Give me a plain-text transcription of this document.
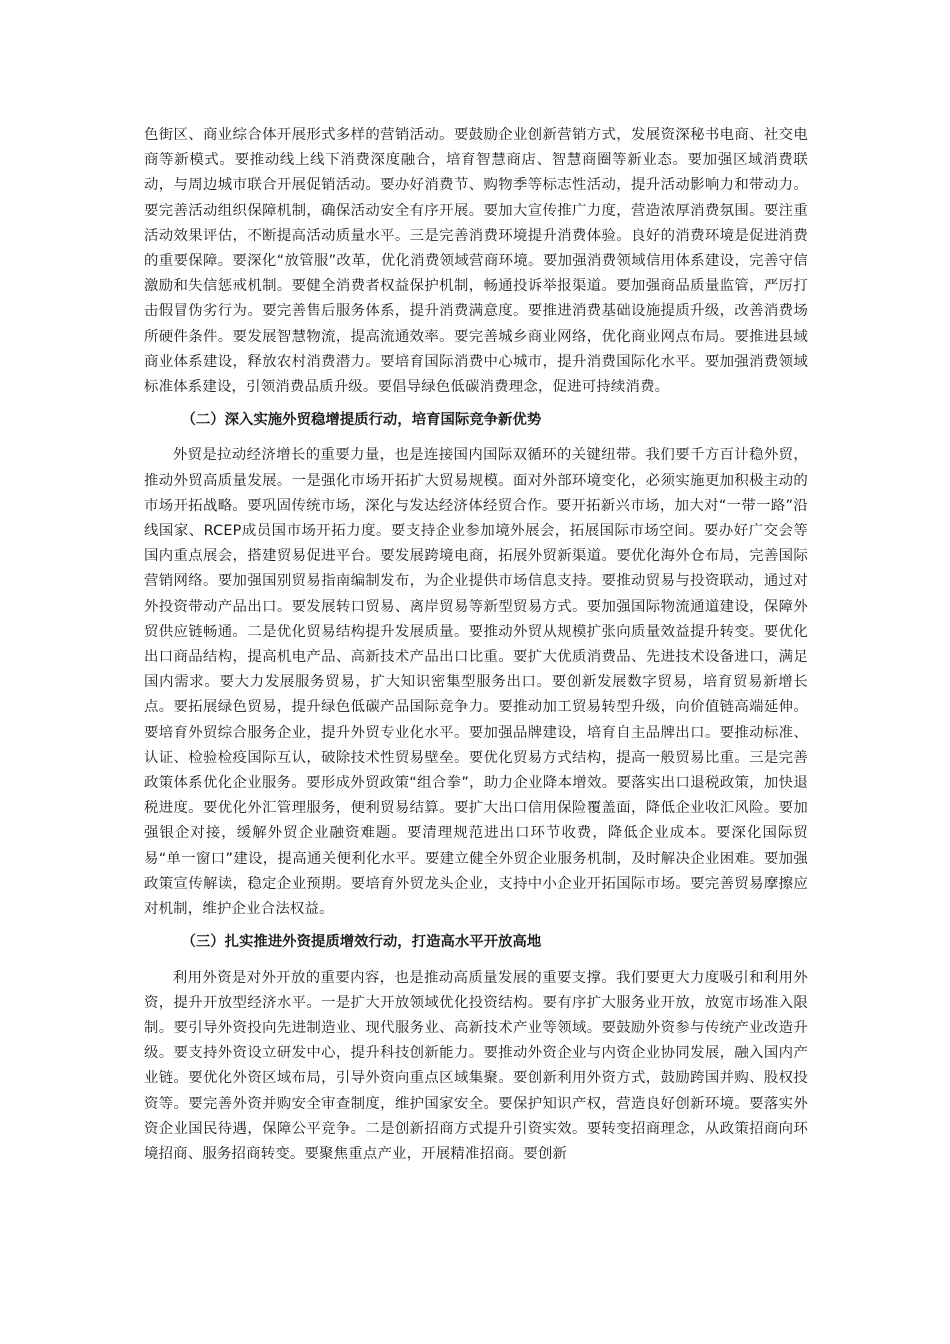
色街区、商业综合体开展形式多样的营销活动。要鼓励企业创新营销方式，发展资深秘书电商、社交电商等新模式。要推动线上线下消费深度融合，培育智慧商店、智慧商圈等新业态。要加强区域消费联动，与周边城市联合开展促销活动。要办好消费节、购物季等标志性活动，提升活动影响力和带动力。要完善活动组织保障机制，确保活动安全有序开展。要加大宣传推广力度，营造浓厚消费氛围。要注重活动效果评估，不断提高活动质量水平。三是完善消费环境提升消费体验。良好的消费环境是促进消费的重要保障。要深化“放管服”改革，优化消费领域营商环境。要加强消费领域信用体系建设，完善守信激励和失信惩戒机制。要健全消费者权益保护机制，畅通投诉举报渠道。要加强商品质量监管，严厉打击假冒伪劣行为。要完善售后服务体系，提升消费满意度。要推进消费基础设施提质升级，改善消费场所硬件条件。要发展智慧物流，提高流通效率。要完善城乡商业网络，优化商业网点布局。要推进县域商业体系建设，释放农村消费潜力。要培育国际消费中心城市，提升消费国际化水平。要加强消费领域标准体系建设，引领消费品质升级。要倡导绿色低碳消费理念，促进可持续消费。

（二）深入实施外贸稳增提质行动，培育国际竞争新优势

外贸是拉动经济增长的重要力量，也是连接国内国际双循环的关键纽带。我们要千方百计稳外贸，推动外贸高质量发展。一是强化市场开拓扩大贸易规模。面对外部环境变化，必须实施更加积极主动的市场开拓战略。要巩固传统市场，深化与发达经济体经贸合作。要开拓新兴市场，加大对“一带一路”沿线国家、RCEP成员国市场开拓力度。要支持企业参加境外展会，拓展国际市场空间。要办好广交会等国内重点展会，搭建贸易促进平台。要发展跨境电商，拓展外贸新渠道。要优化海外仓布局，完善国际营销网络。要加强国别贸易指南编制发布，为企业提供市场信息支持。要推动贸易与投资联动，通过对外投资带动产品出口。要发展转口贸易、离岸贸易等新型贸易方式。要加强国际物流通道建设，保障外贸供应链畅通。二是优化贸易结构提升发展质量。要推动外贸从规模扩张向质量效益提升转变。要优化出口商品结构，提高机电产品、高新技术产品出口比重。要扩大优质消费品、先进技术设备进口，满足国内需求。要大力发展服务贸易，扩大知识密集型服务出口。要创新发展数字贸易，培育贸易新增长点。要拓展绿色贸易，提升绿色低碳产品国际竞争力。要推动加工贸易转型升级，向价值链高端延伸。要培育外贸综合服务企业，提升外贸专业化水平。要加强品牌建设，培育自主品牌出口。要推动标准、认证、检验检疫国际互认，破除技术性贸易壁垒。要优化贸易方式结构，提高一般贸易比重。三是完善政策体系优化企业服务。要形成外贸政策“组合拳”，助力企业降本增效。要落实出口退税政策，加快退税进度。要优化外汇管理服务，便利贸易结算。要扩大出口信用保险覆盖面，降低企业收汇风险。要加强银企对接，缓解外贸企业融资难题。要清理规范进出口环节收费，降低企业成本。要深化国际贸易“单一窗口”建设，提高通关便利化水平。要建立健全外贸企业服务机制，及时解决企业困难。要加强政策宣传解读，稳定企业预期。要培育外贸龙头企业，支持中小企业开拓国际市场。要完善贸易摩擦应对机制，维护企业合法权益。

（三）扎实推进外资提质增效行动，打造高水平开放高地

利用外资是对外开放的重要内容，也是推动高质量发展的重要支撑。我们要更大力度吸引和利用外资，提升开放型经济水平。一是扩大开放领域优化投资结构。要有序扩大服务业开放，放宽市场准入限制。要引导外资投向先进制造业、现代服务业、高新技术产业等领域。要鼓励外资参与传统产业改造升级。要支持外资设立研发中心，提升科技创新能力。要推动外资企业与内资企业协同发展，融入国内产业链。要优化外资区域布局，引导外资向重点区域集聚。要创新利用外资方式，鼓励跨国并购、股权投资等。要完善外资并购安全审查制度，维护国家安全。要保护知识产权，营造良好创新环境。要落实外资企业国民待遇，保障公平竞争。二是创新招商方式提升引资实效。要转变招商理念，从政策招商向环境招商、服务招商转变。要聚焦重点产业，开展精准招商。要创新
